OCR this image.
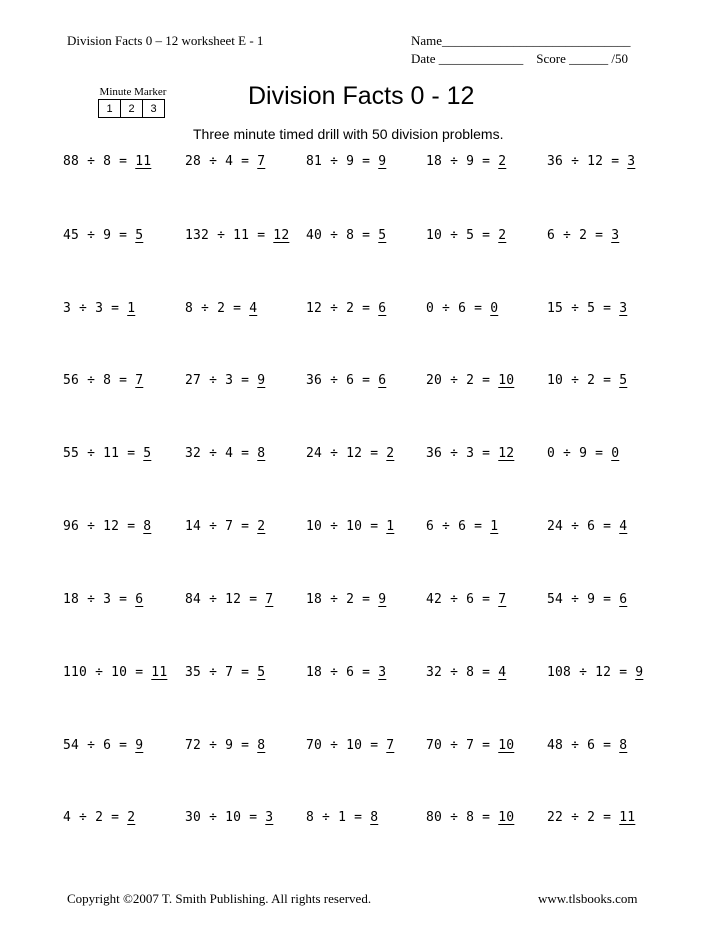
Division Facts 0 – 12 worksheet E - 1	Name_____________________________
Date _____________    Score ______ /50
Minute Marker
1	2	3	Division Facts 0 - 12
Three minute timed drill with 50 division problems.
88 ÷ 8 = 11	28 ÷ 4 = 7	81 ÷ 9 = 9	18 ÷ 9 = 2	36 ÷ 12 = 3
45 ÷ 9 = 5	132 ÷ 11 = 12 40 ÷ 8 = 5	10 ÷ 5 = 2	6 ÷ 2 = 3
3 ÷ 3 = 1	8 ÷ 2 = 4	12 ÷ 2 = 6	0 ÷ 6 = 0	15 ÷ 5 = 3
56 ÷ 8 = 7	27 ÷ 3 = 9	36 ÷ 6 = 6	20 ÷ 2 = 10	10 ÷ 2 = 5
55 ÷ 11 = 5	32 ÷ 4 = 8	24 ÷ 12 = 2 36 ÷ 3 = 12	0 ÷ 9 = 0
96 ÷ 12 = 8	14 ÷ 7 = 2	10 ÷ 10 = 1 6 ÷ 6 = 1	24 ÷ 6 = 4
18 ÷ 3 = 6	84 ÷ 12 = 7	18 ÷ 2 = 9	42 ÷ 6 = 7	54 ÷ 9 = 6
110 ÷ 10 = 11 35 ÷ 7 = 5	18 ÷ 6 = 3	32 ÷ 8 = 4	108 ÷ 12 = 9
54 ÷ 6 = 9	72 ÷ 9 = 8	70 ÷ 10 = 7 70 ÷ 7 = 10	48 ÷ 6 = 8
4 ÷ 2 = 2	30 ÷ 10 = 3	8 ÷ 1 = 8	80 ÷ 8 = 10	22 ÷ 2 = 11
Copyright ©2007 T. Smith Publishing. All rights reserved.	www.tlsbooks.com
